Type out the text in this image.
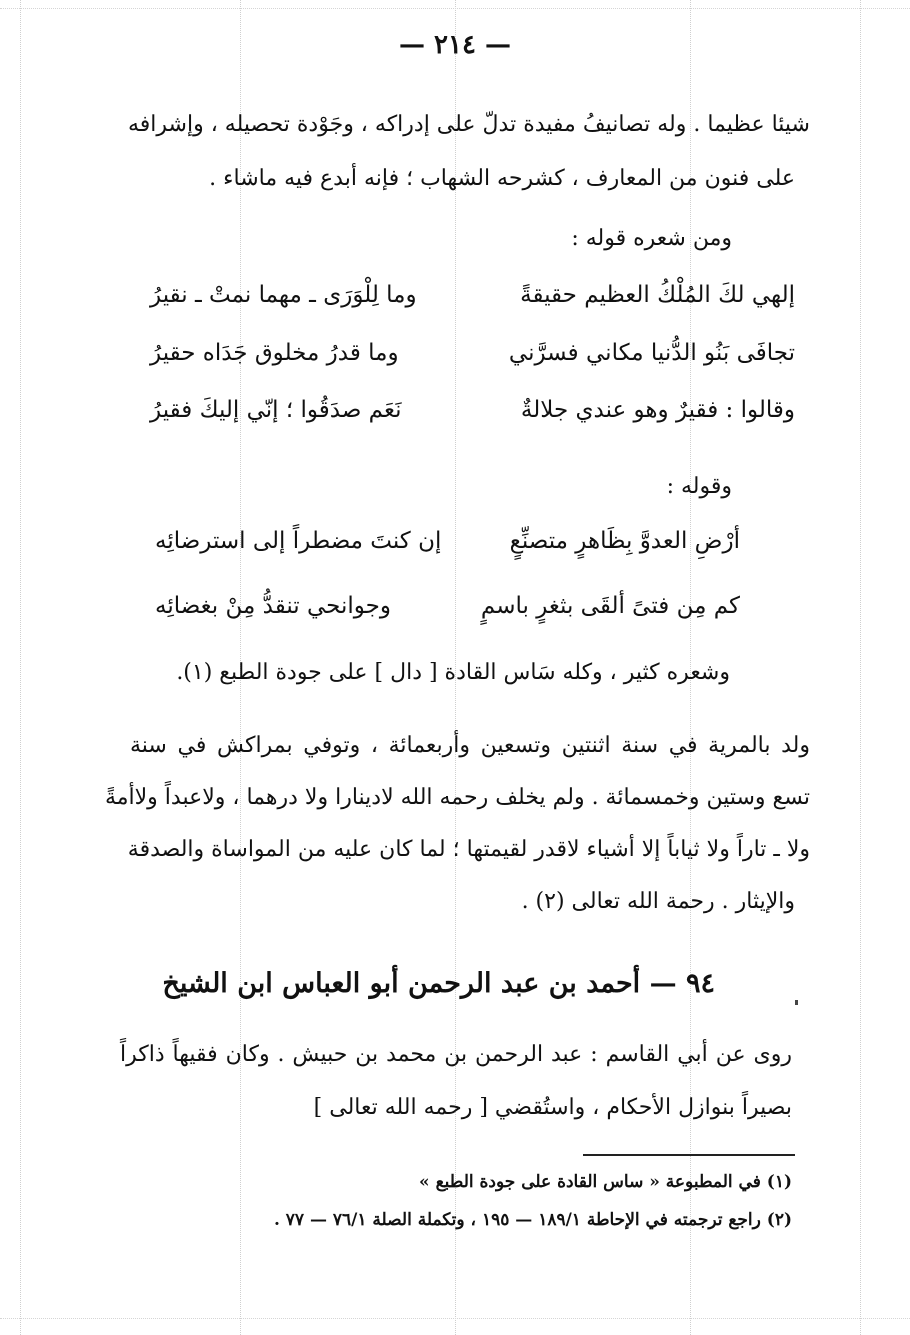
— ٢١٤ —
شيئا عظيما . وله تصانيفُ مفيدة تدلّ على إدراكه ، وجَوْدة تحصيله ، وإشرافه
على فنون من المعارف ، كشرحه الشهاب ؛ فإنه أبدع فيه ماشاء .
ومن شعره قوله :
إلهي لكَ المُلْكُ العظيم حقيقةً
وما لِلْوَرَى ـ مهما نمتْ ـ نقيرُ
تجافَى بَنُو الدُّنيا مكاني فسرَّني
وما قدرُ مخلوق جَدَاه حقيرُ
وقالوا : فقيرٌ وهو عندي جلالةٌ
نَعَم صدَقُوا ؛ إنّي إليكَ فقيرُ
وقوله :
أرْضِ العدوَّ بِظَاهرٍ متصنِّعٍ
إن كنتَ مضطراً إلى استرضائِه
كم مِن فتىً ألقَى بثغرٍ باسمٍ
وجوانحي تنقدُّ مِنْ بغضائِه
وشعره كثير ، وكله سَاس القادة [ دال ] على جودة الطبع (١).
ولد بالمرية في سنة اثنتين وتسعين وأربعمائة ، وتوفي بمراكش في سنة
تسع وستين وخمسمائة . ولم يخلف رحمه الله لادينارا ولا درهما ، ولاعبداً ولاأمةً
ولا ـ تاراً ولا ثياباً إلا أشياء لاقدر لقيمتها ؛ لما كان عليه من المواساة والصدقة
والإيثار . رحمة الله تعالى (٢) .
٩٤ — أحمد بن عبد الرحمن أبو العباس ابن الشيخ
روى عن أبي القاسم : عبد الرحمن بن محمد بن حبيش . وكان فقيهاً ذاكراً
بصيراً بنوازل الأحكام ، واستُقضي [ رحمه الله تعالى ]
(١) في المطبوعة « ساس القادة على جودة الطبع »
(٢) راجع ترجمته في الإحاطة ١٨٩/١ — ١٩٥ ، وتكملة الصلة ٧٦/١ — ٧٧ .
